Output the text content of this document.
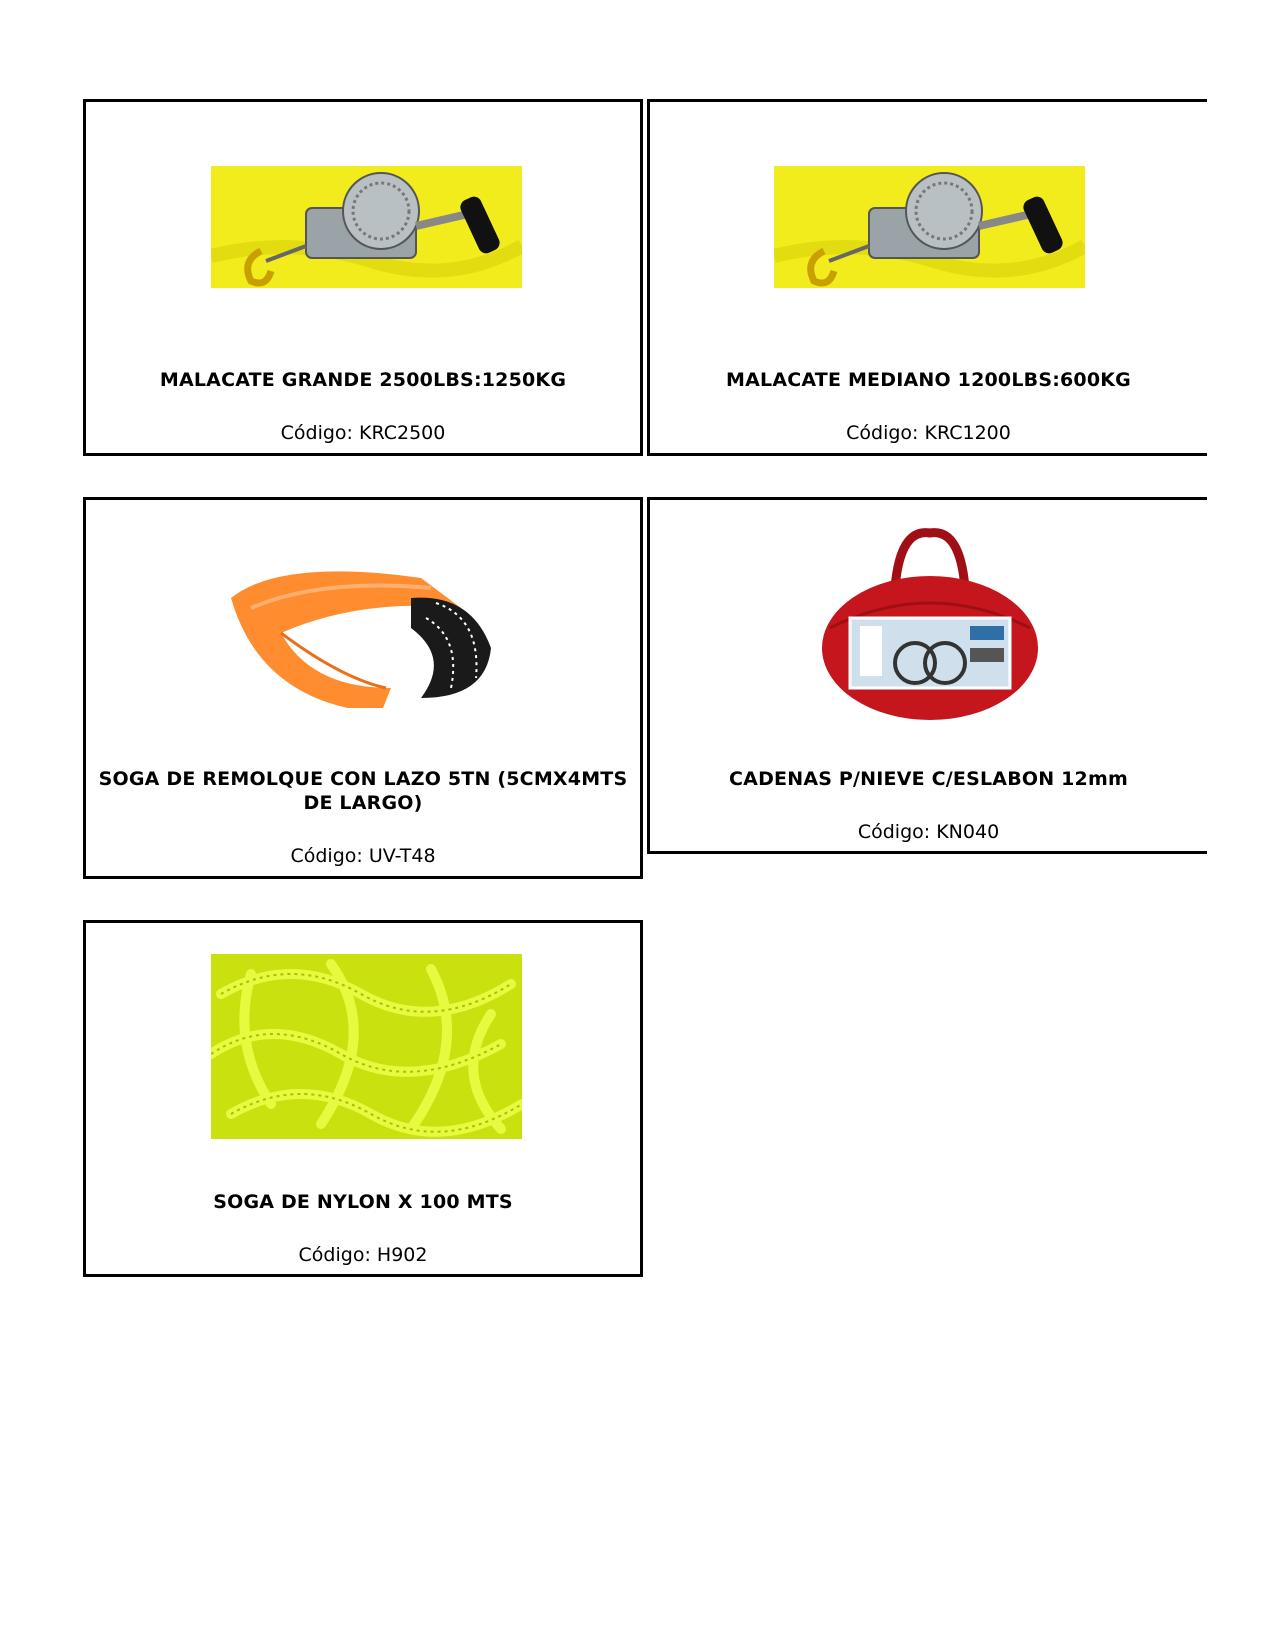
MALACATE GRANDE 2500LBS:1250KG
Código: KRC2500
MALACATE MEDIANO 1200LBS:600KG
Código: KRC1200
SOGA DE REMOLQUE CON LAZO 5TN (5CMX4MTS DE LARGO)
Código: UV-T48
CADENAS P/NIEVE C/ESLABON 12mm
Código: KN040
SOGA DE NYLON X 100 MTS
Código: H902
